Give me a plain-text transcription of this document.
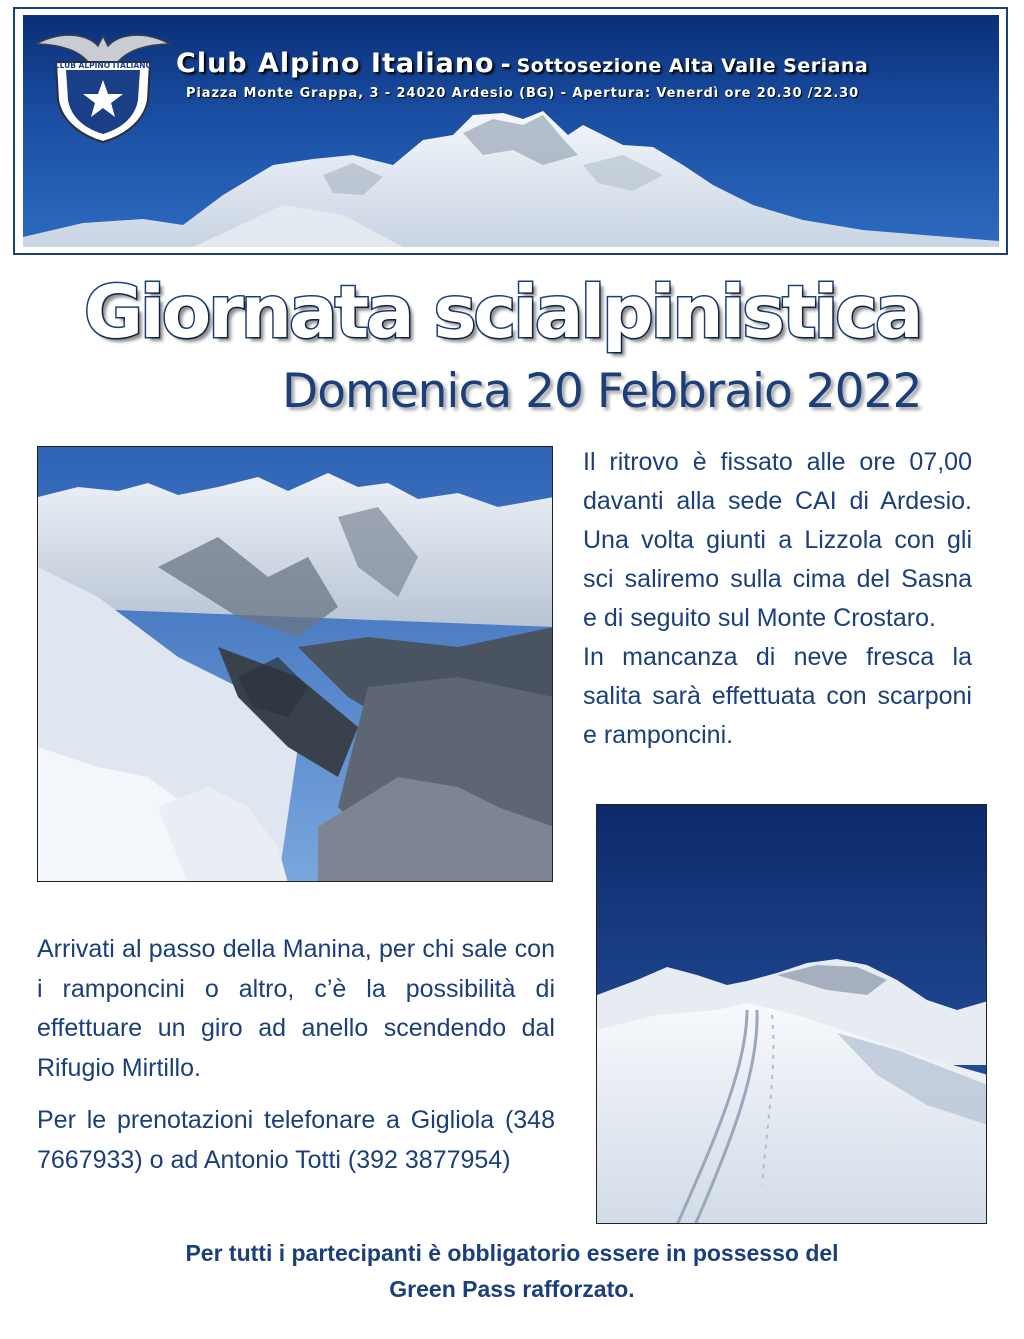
CLUB ALPINO ITALIANO Club Alpino Italiano - Sottosezione Alta Valle Seriana
Piazza Monte Grappa, 3 - 24020 Ardesio (BG) - Apertura: Venerdì ore 20.30 /22.30
Giornata scialpinistica
Domenica 20 Febbraio 2022

Il ritrovo è fissato alle ore 07,00 davanti alla sede CAI di Ardesio. Una volta giunti a Lizzola con gli sci saliremo sulla cima del Sasna e di seguito sul Monte Crostaro.

In mancanza di neve fresca la salita sarà effettuata con scarponi e ramponcini.

Arrivati al passo della Manina, per chi sale con i ramponcini o altro, c’è la possibilità di effettuare un giro ad anello scendendo dal Rifugio Mirtillo.

Per le prenotazioni telefonare a Gigliola (348 7667933) o ad Antonio Totti (392 3877954)

Per tutti i partecipanti è obbligatorio essere in possesso del
Green Pass rafforzato.
